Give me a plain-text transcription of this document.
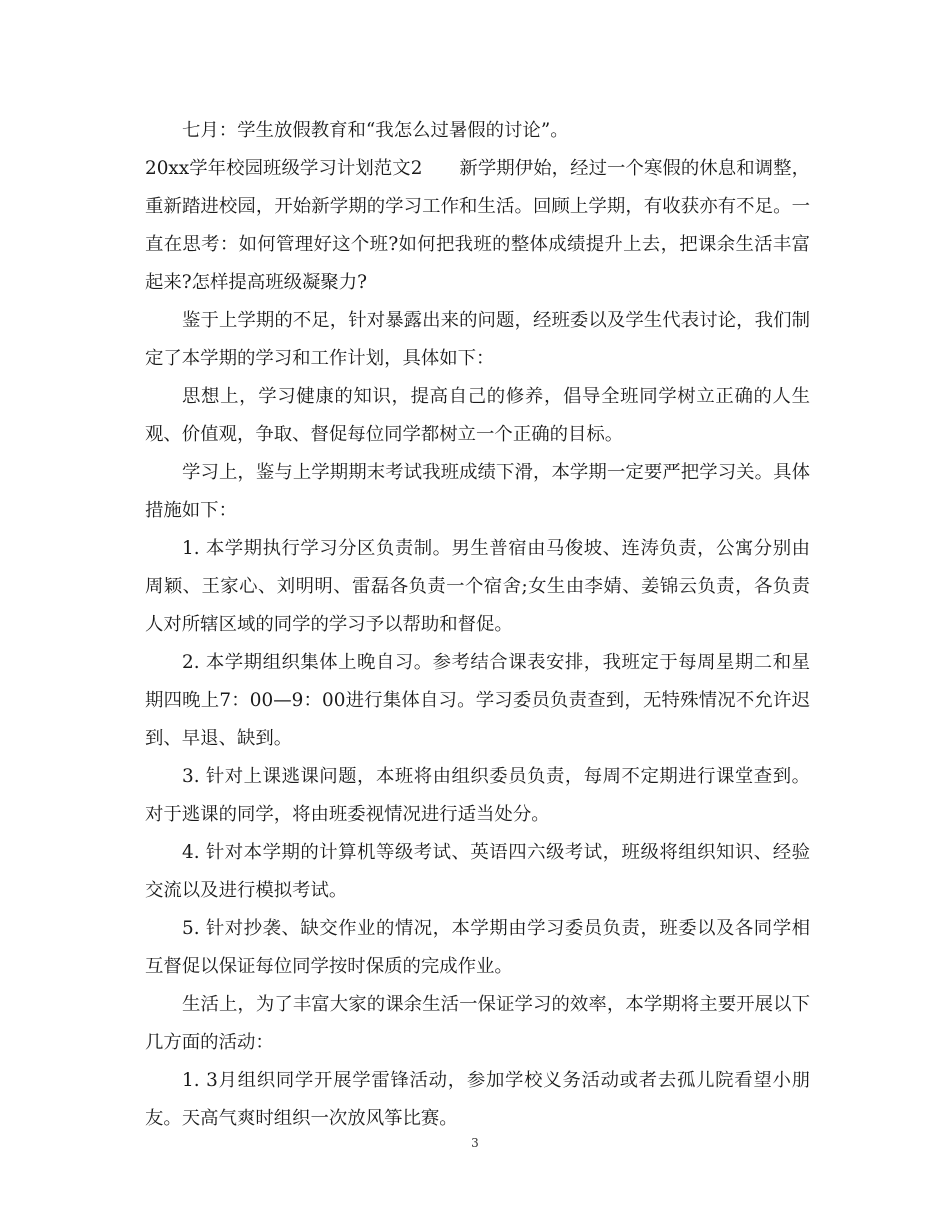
七月：学生放假教育和“我怎么过暑假的讨论”。

20xx学年校园班级学习计划范文2　　新学期伊始，经过一个寒假的休息和调整，重新踏进校园，开始新学期的学习工作和生活。回顾上学期，有收获亦有不足。一直在思考：如何管理好这个班?如何把我班的整体成绩提升上去，把课余生活丰富起来?怎样提高班级凝聚力?

鉴于上学期的不足，针对暴露出来的问题，经班委以及学生代表讨论，我们制定了本学期的学习和工作计划，具体如下：

思想上，学习健康的知识，提高自己的修养，倡导全班同学树立正确的人生观、价值观，争取、督促每位同学都树立一个正确的目标。

学习上，鉴与上学期期末考试我班成绩下滑，本学期一定要严把学习关。具体措施如下：

1. 本学期执行学习分区负责制。男生普宿由马俊坡、连涛负责，公寓分别由周颖、王家心、刘明明、雷磊各负责一个宿舍;女生由李婧、姜锦云负责，各负责人对所辖区域的同学的学习予以帮助和督促。

2. 本学期组织集体上晚自习。参考结合课表安排，我班定于每周星期二和星期四晚上7：00—9：00进行集体自习。学习委员负责查到，无特殊情况不允许迟到、早退、缺到。

3. 针对上课逃课问题，本班将由组织委员负责，每周不定期进行课堂查到。对于逃课的同学，将由班委视情况进行适当处分。

4. 针对本学期的计算机等级考试、英语四六级考试，班级将组织知识、经验交流以及进行模拟考试。

5. 针对抄袭、缺交作业的情况，本学期由学习委员负责，班委以及各同学相互督促以保证每位同学按时保质的完成作业。

生活上，为了丰富大家的课余生活一保证学习的效率，本学期将主要开展以下几方面的活动：

1. 3月组织同学开展学雷锋活动，参加学校义务活动或者去孤儿院看望小朋友。天高气爽时组织一次放风筝比赛。

3
